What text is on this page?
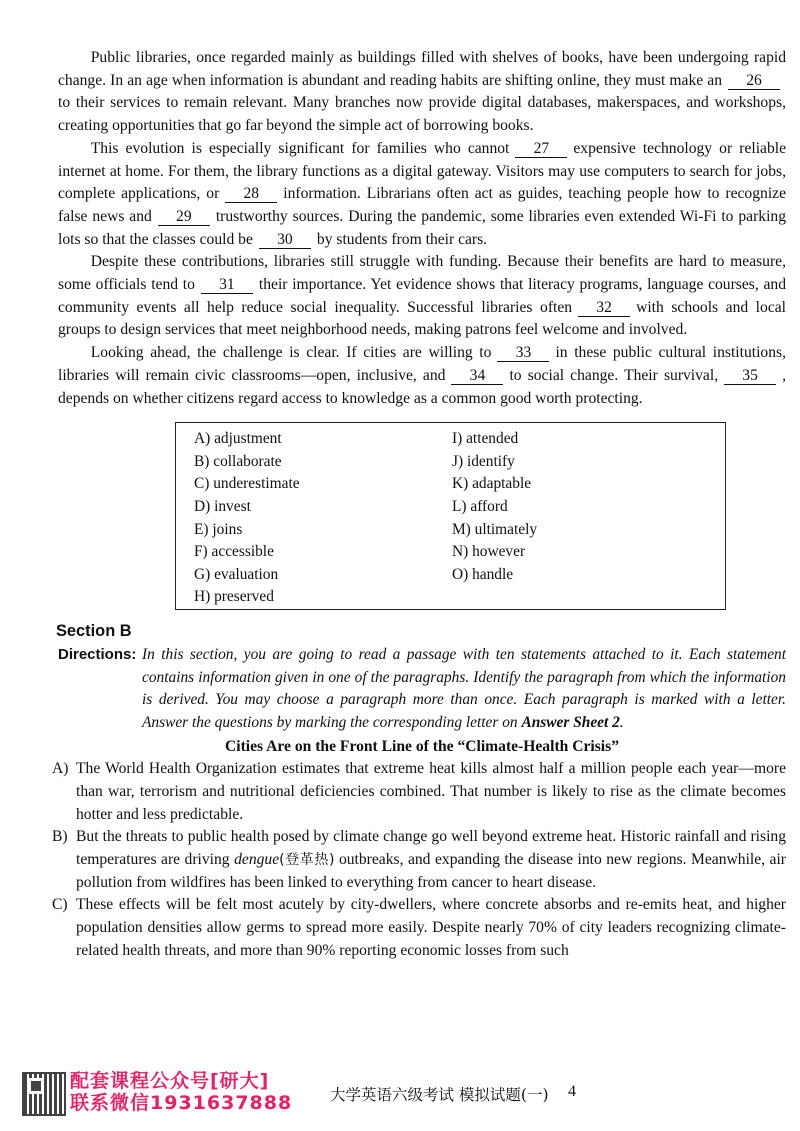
Public libraries, once regarded mainly as buildings filled with shelves of books, have been undergoing rapid change. In an age when information is abundant and reading habits are shifting online, they must make an 26to their services to remain relevant. Many branches now provide digital databases, makerspaces, and workshops, creating opportunities that go far beyond the simple act of borrowing books.

This evolution is especially significant for families who cannot 27 expensive technology or reliable internet at home. For them, the library functions as a digital gateway. Visitors may use computers to search for jobs, complete applications, or 28 information. Librarians often act as guides, teaching people how to recognize false news and 29 trustworthy sources. During the pandemic, some libraries even extended Wi-Fi to parking lots so that the classes could be 30 by students from their cars.

Despite these contributions, libraries still struggle with funding. Because their benefits are hard to measure, some officials tend to 31 their importance. Yet evidence shows that literacy programs, language courses, and community events all help reduce social inequality. Successful libraries often 32 with schools and local groups to design services that meet neighborhood needs, making patrons feel welcome and involved.

Looking ahead, the challenge is clear. If cities are willing to 33 in these public cultural institutions, libraries will remain civic classrooms—open, inclusive, and 34 to social change. Their survival, 35 , depends on whether citizens regard access to knowledge as a common good worth protecting.

A) adjustment
B) collaborate
C) underestimate
D) invest
E) joins
F) accessible
G) evaluation
H) preserved
I) attended
J) identify
K) adaptable
L) afford
M) ultimately
N) however
O) handle
Section B
Directions: In this section, you are going to read a passage with ten statements attached to it. Each statement contains information given in one of the paragraphs. Identify the paragraph from which the information is derived. You may choose a paragraph more than once. Each paragraph is marked with a letter. Answer the questions by marking the corresponding letter on Answer Sheet 2.
Cities Are on the Front Line of the “Climate-Health Crisis”
A) The World Health Organization estimates that extreme heat kills almost half a million people each year—more than war, terrorism and nutritional deficiencies combined. That number is likely to rise as the climate becomes hotter and less predictable.
B) But the threats to public health posed by climate change go well beyond extreme heat. Historic rainfall and rising temperatures are driving dengue(登革热) outbreaks, and expanding the disease into new regions. Meanwhile, air pollution from wildfires has been linked to everything from cancer to heart disease.
C) These effects will be felt most acutely by city-dwellers, where concrete absorbs and re-emits heat, and higher population densities allow germs to spread more easily. Despite nearly 70% of city leaders recognizing climate-related health threats, and more than 90% reporting economic losses from such
配套课程公众号[研大]
联系微信1931637888 大学英语六级考试 模拟试题(一) 4
